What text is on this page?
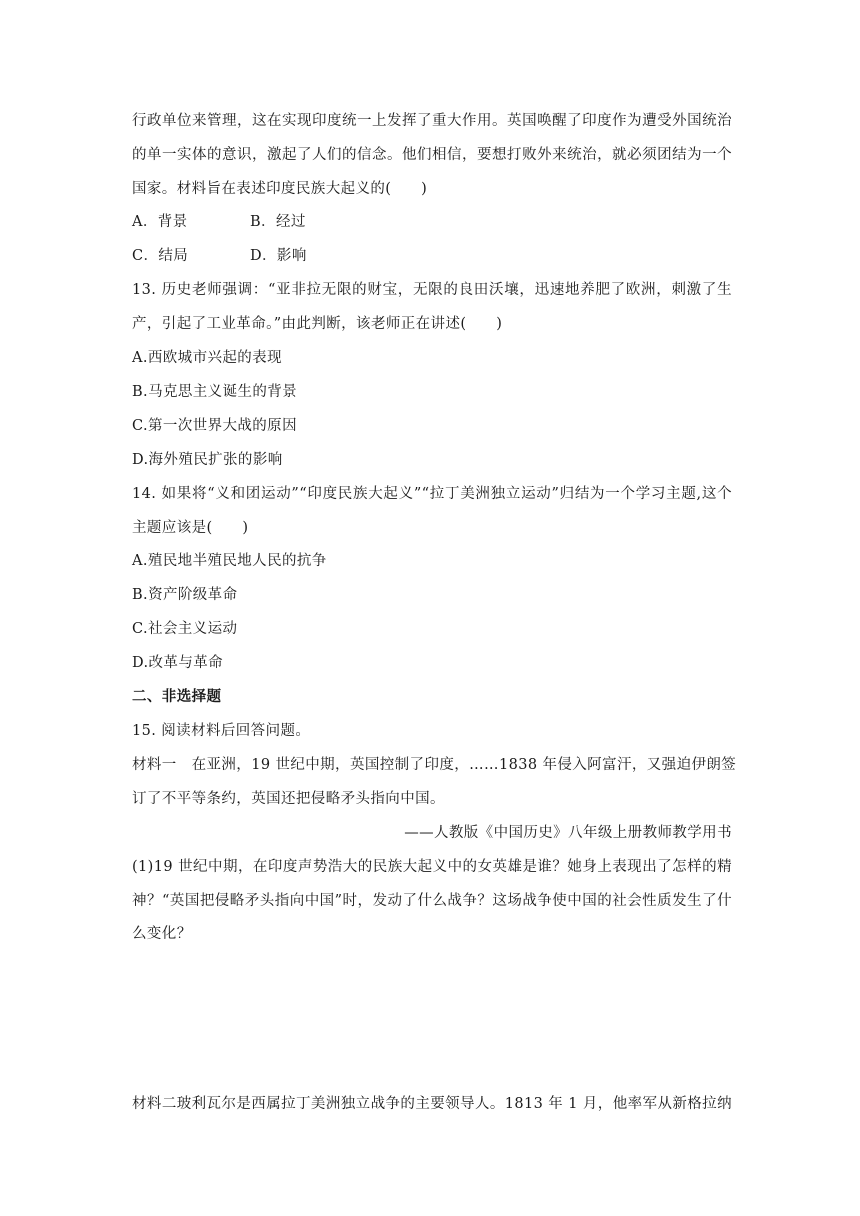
行政单位来管理，这在实现印度统一上发挥了重大作用。英国唤醒了印度作为遭受外国统治
的单一实体的意识，激起了人们的信念。他们相信，要想打败外来统治，就必须团结为一个
国家。材料旨在表述印度民族大起义的(　　)
A．背景	B．经过
C．结局	D．影响
13. 历史老师强调：“亚非拉无限的财宝，无限的良田沃壤，迅速地养肥了欧洲，刺激了生
产，引起了工业革命。”由此判断，该老师正在讲述(　　)
A.西欧城市兴起的表现
B.马克思主义诞生的背景
C.第一次世界大战的原因
D.海外殖民扩张的影响
14. 如果将“义和团运动”“印度民族大起义”“拉丁美洲独立运动”归结为一个学习主题,这个
主题应该是(　　)
A.殖民地半殖民地人民的抗争
B.资产阶级革命
C.社会主义运动
D.改革与革命
二、非选择题
15. 阅读材料后回答问题。
材料一　在亚洲，19 世纪中期，英国控制了印度，……1838 年侵入阿富汗，又强迫伊朗签
订了不平等条约，英国还把侵略矛头指向中国。
——人教版《中国历史》八年级上册教师教学用书
(1)19 世纪中期，在印度声势浩大的民族大起义中的女英雄是谁？她身上表现出了怎样的精
神？“英国把侵略矛头指向中国”时，发动了什么战争？这场战争使中国的社会性质发生了什
么变化？
材料二玻利瓦尔是西属拉丁美洲独立战争的主要领导人。1813 年 1 月，他率军从新格拉纳
